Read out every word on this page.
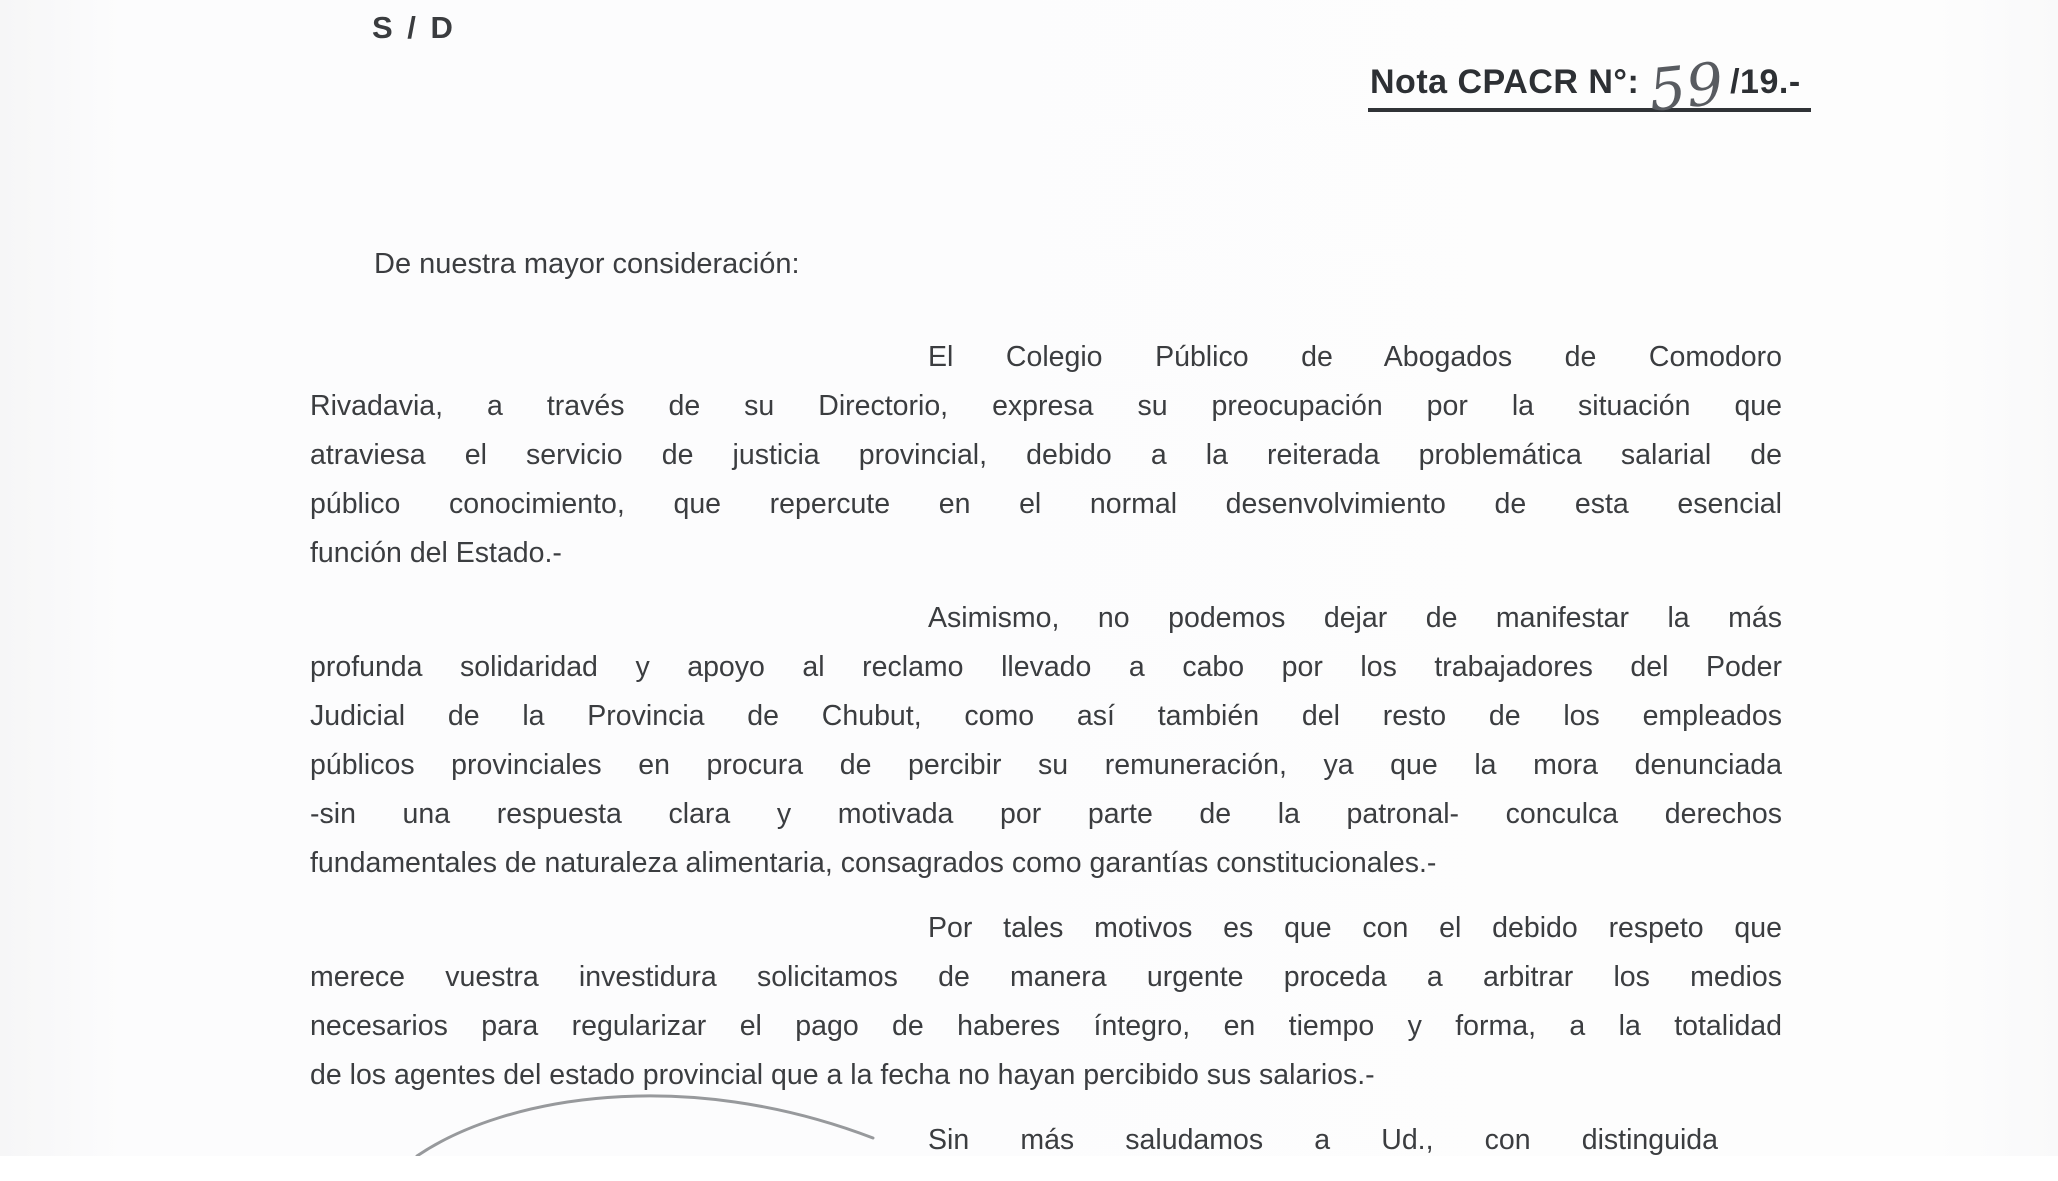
S / D
Nota CPACR N°: 59 /19.-
De nuestra mayor consideración:
El Colegio Público de Abogados de Comodoro
Rivadavia, a través de su Directorio, expresa su preocupación por la situación que
atraviesa el servicio de justicia provincial, debido a la reiterada problemática salarial de
público conocimiento, que repercute en el normal desenvolvimiento de esta esencial
función del Estado.-
Asimismo, no podemos dejar de manifestar la más
profunda solidaridad y apoyo al reclamo llevado a cabo por los trabajadores del Poder
Judicial de la Provincia de Chubut, como así también del resto de los empleados
públicos provinciales en procura de percibir su remuneración, ya que la mora denunciada
-sin una respuesta clara y motivada por parte de la patronal- conculca derechos
fundamentales de naturaleza alimentaria, consagrados como garantías constitucionales.-
Por tales motivos es que con el debido respeto que
merece vuestra investidura solicitamos de manera urgente proceda a arbitrar los medios
necesarios para regularizar el pago de haberes íntegro, en tiempo y forma, a la totalidad
de los agentes del estado provincial que a la fecha no hayan percibido sus salarios.-
Sin más saludamos a Ud., con distinguida
